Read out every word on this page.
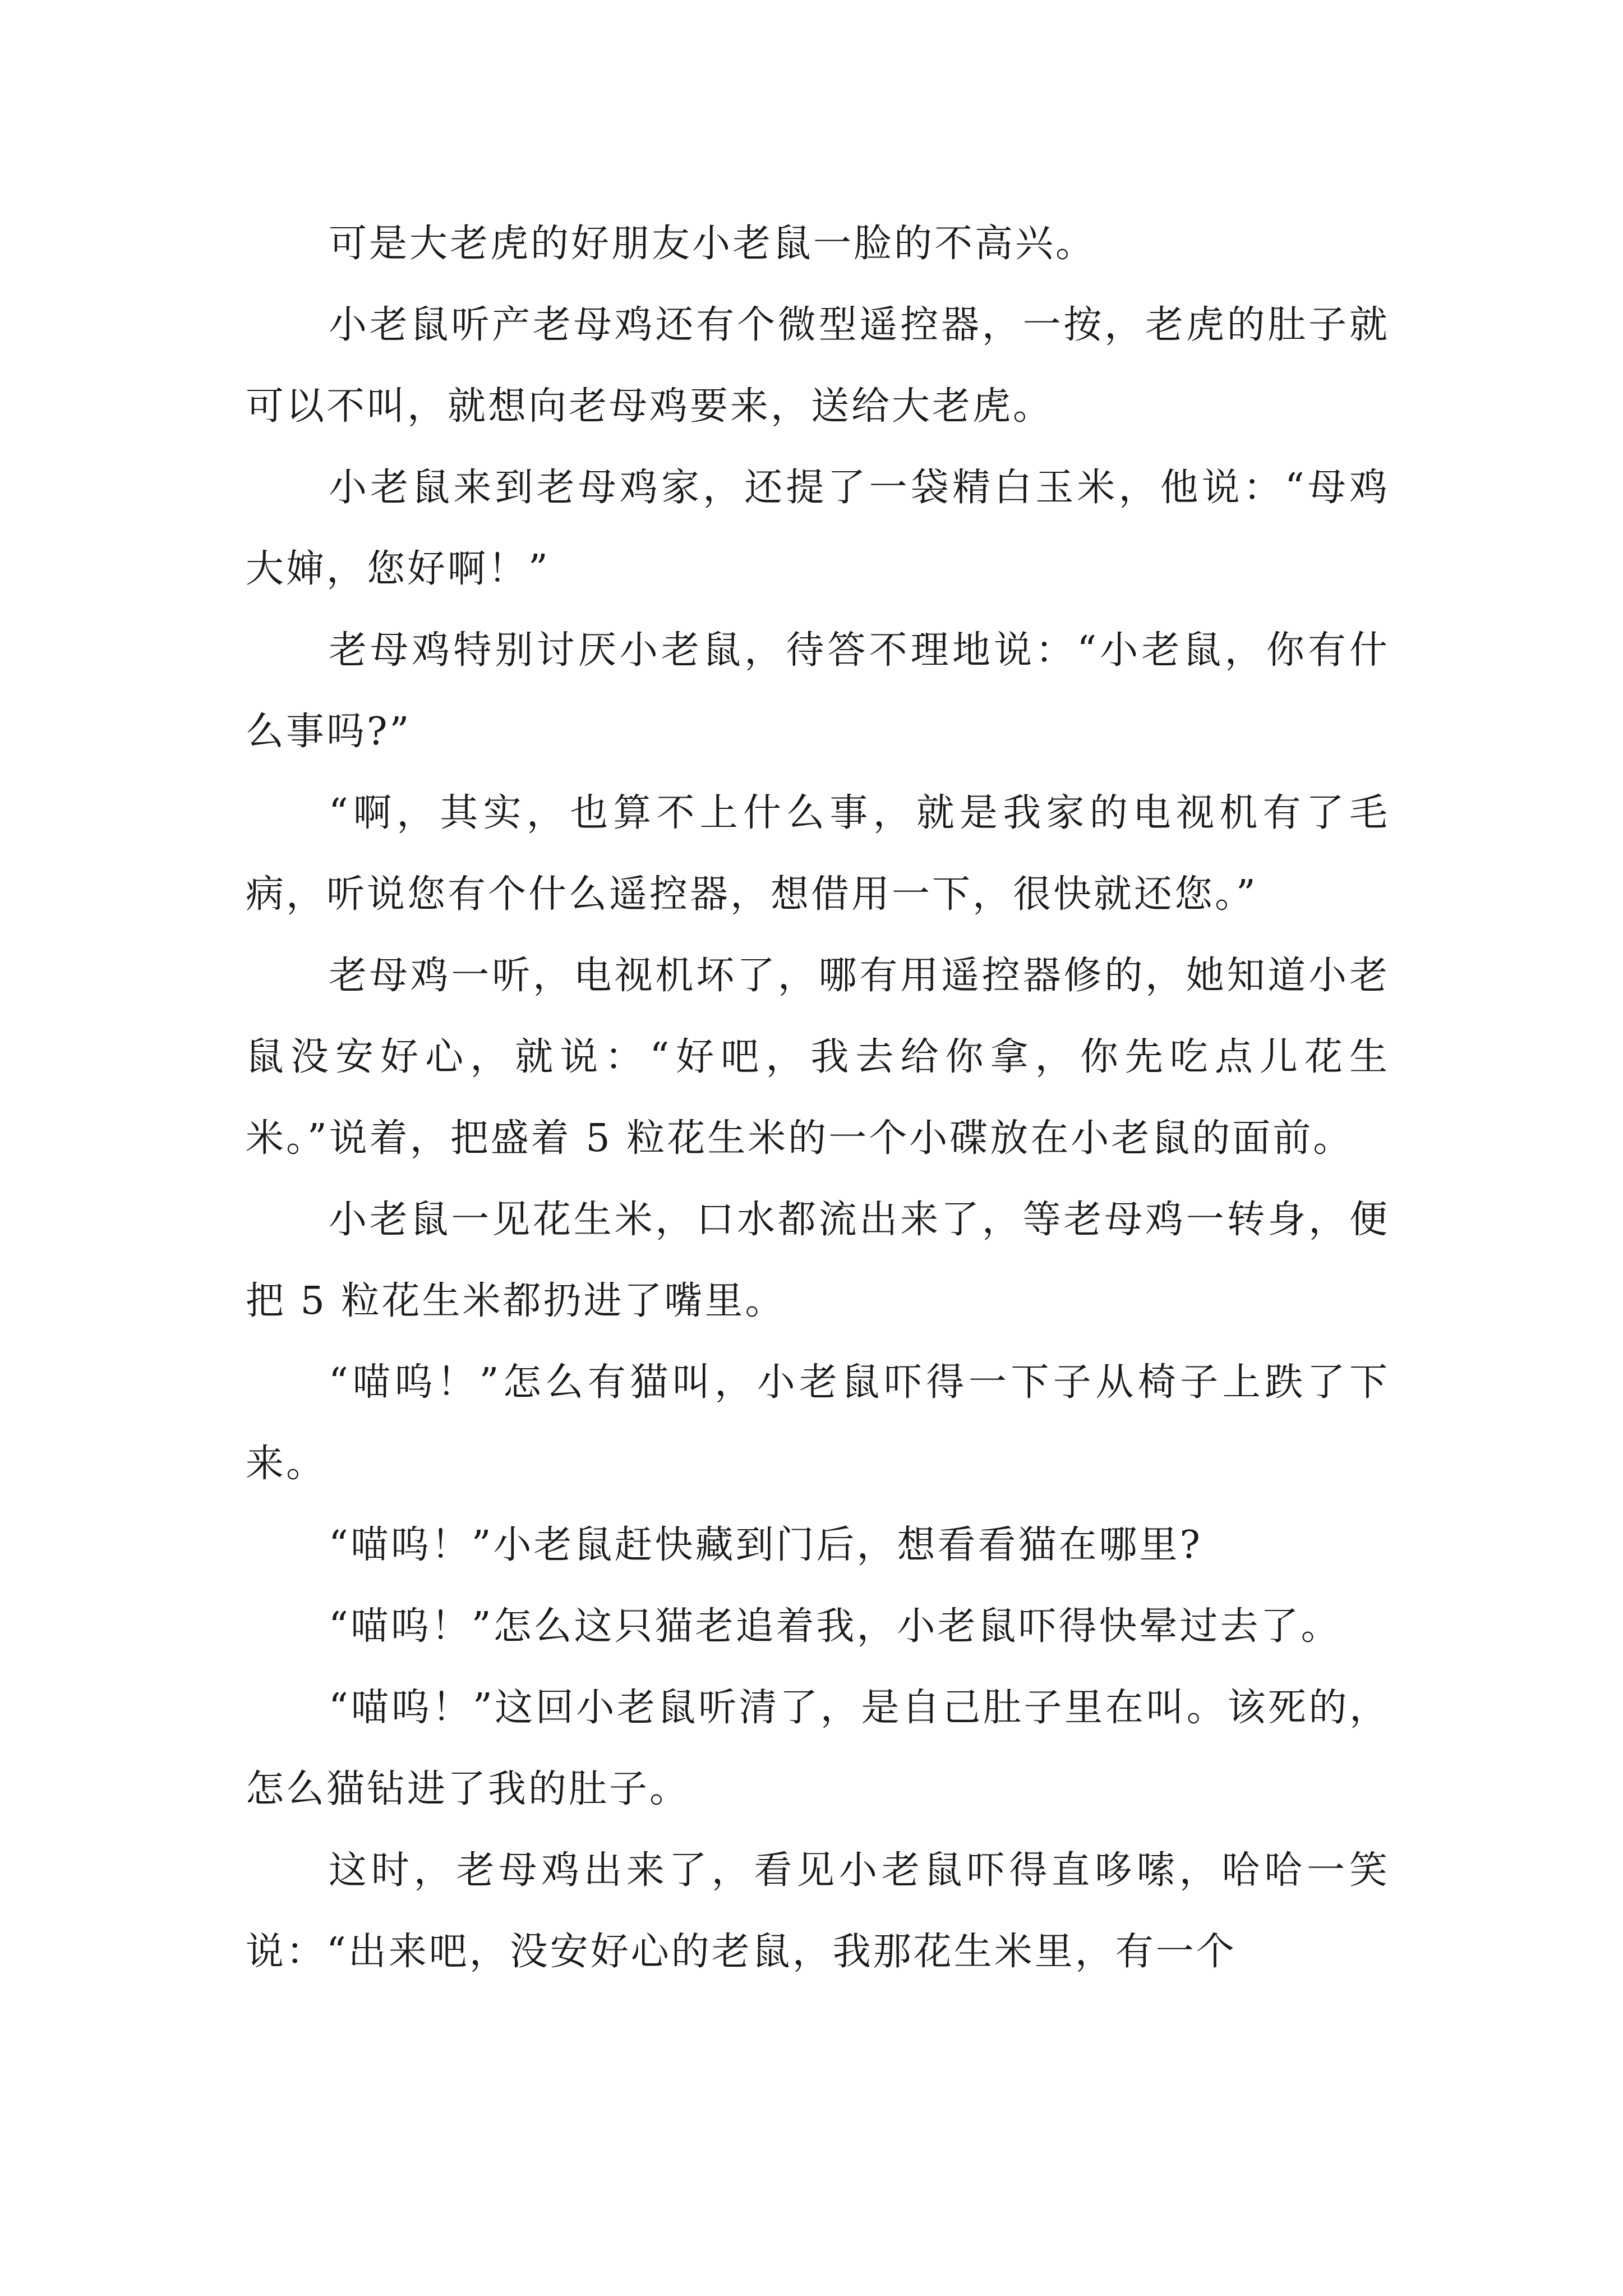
可是大老虎的好朋友小老鼠一脸的不高兴。

小老鼠听产老母鸡还有个微型遥控器，一按，老虎的肚子就可以不叫，就想向老母鸡要来，送给大老虎。

小老鼠来到老母鸡家，还提了一袋精白玉米，他说：“母鸡大婶，您好啊！”

老母鸡特别讨厌小老鼠，待答不理地说：“小老鼠，你有什么事吗?”

“啊，其实，也算不上什么事，就是我家的电视机有了毛病，听说您有个什么遥控器，想借用一下，很快就还您。”

老母鸡一听，电视机坏了，哪有用遥控器修的，她知道小老鼠没安好心，就说：“好吧，我去给你拿，你先吃点儿花生米。”说着，把盛着 5 粒花生米的一个小碟放在小老鼠的面前。

小老鼠一见花生米，口水都流出来了，等老母鸡一转身，便把 5 粒花生米都扔进了嘴里。

“喵呜！”怎么有猫叫，小老鼠吓得一下子从椅子上跌了下来。

“喵呜！”小老鼠赶快藏到门后，想看看猫在哪里?

“喵呜！”怎么这只猫老追着我，小老鼠吓得快晕过去了。

“喵呜！”这回小老鼠听清了，是自己肚子里在叫。该死的，怎么猫钻进了我的肚子。

这时，老母鸡出来了，看见小老鼠吓得直哆嗦，哈哈一笑说：“出来吧，没安好心的老鼠，我那花生米里，有一个
